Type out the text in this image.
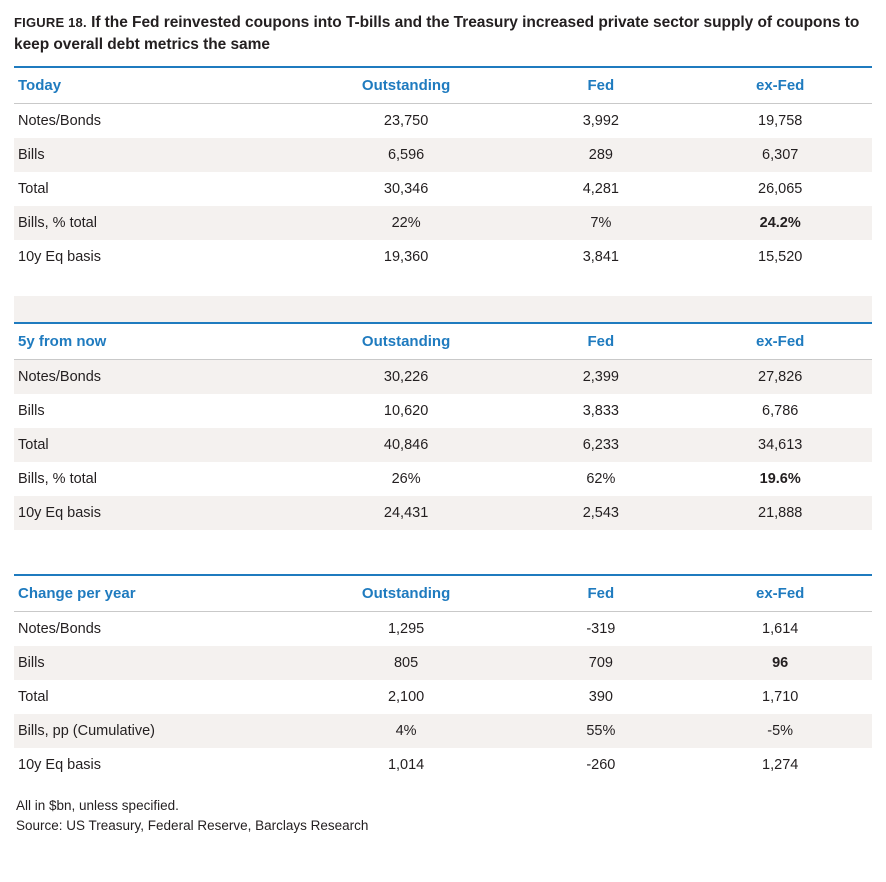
FIGURE 18. If the Fed reinvested coupons into T-bills and the Treasury increased private sector supply of coupons to keep overall debt metrics the same
Today	Outstanding	Fed	ex-Fed
Notes/Bonds	23,750	3,992	19,758
Bills	6,596	289	6,307
Total	30,346	4,281	26,065
Bills, % total	22%	7%	24.2%
10y Eq basis	19,360	3,841	15,520
5y from now	Outstanding	Fed	ex-Fed
Notes/Bonds	30,226	2,399	27,826
Bills	10,620	3,833	6,786
Total	40,846	6,233	34,613
Bills, % total	26%	62%	19.6%
10y Eq basis	24,431	2,543	21,888
Change per year	Outstanding	Fed	ex-Fed
Notes/Bonds	1,295	-319	1,614
Bills	805	709	96
Total	2,100	390	1,710
Bills, pp (Cumulative)	4%	55%	-5%
10y Eq basis	1,014	-260	1,274
All in $bn, unless specified.
Source: US Treasury, Federal Reserve, Barclays Research
